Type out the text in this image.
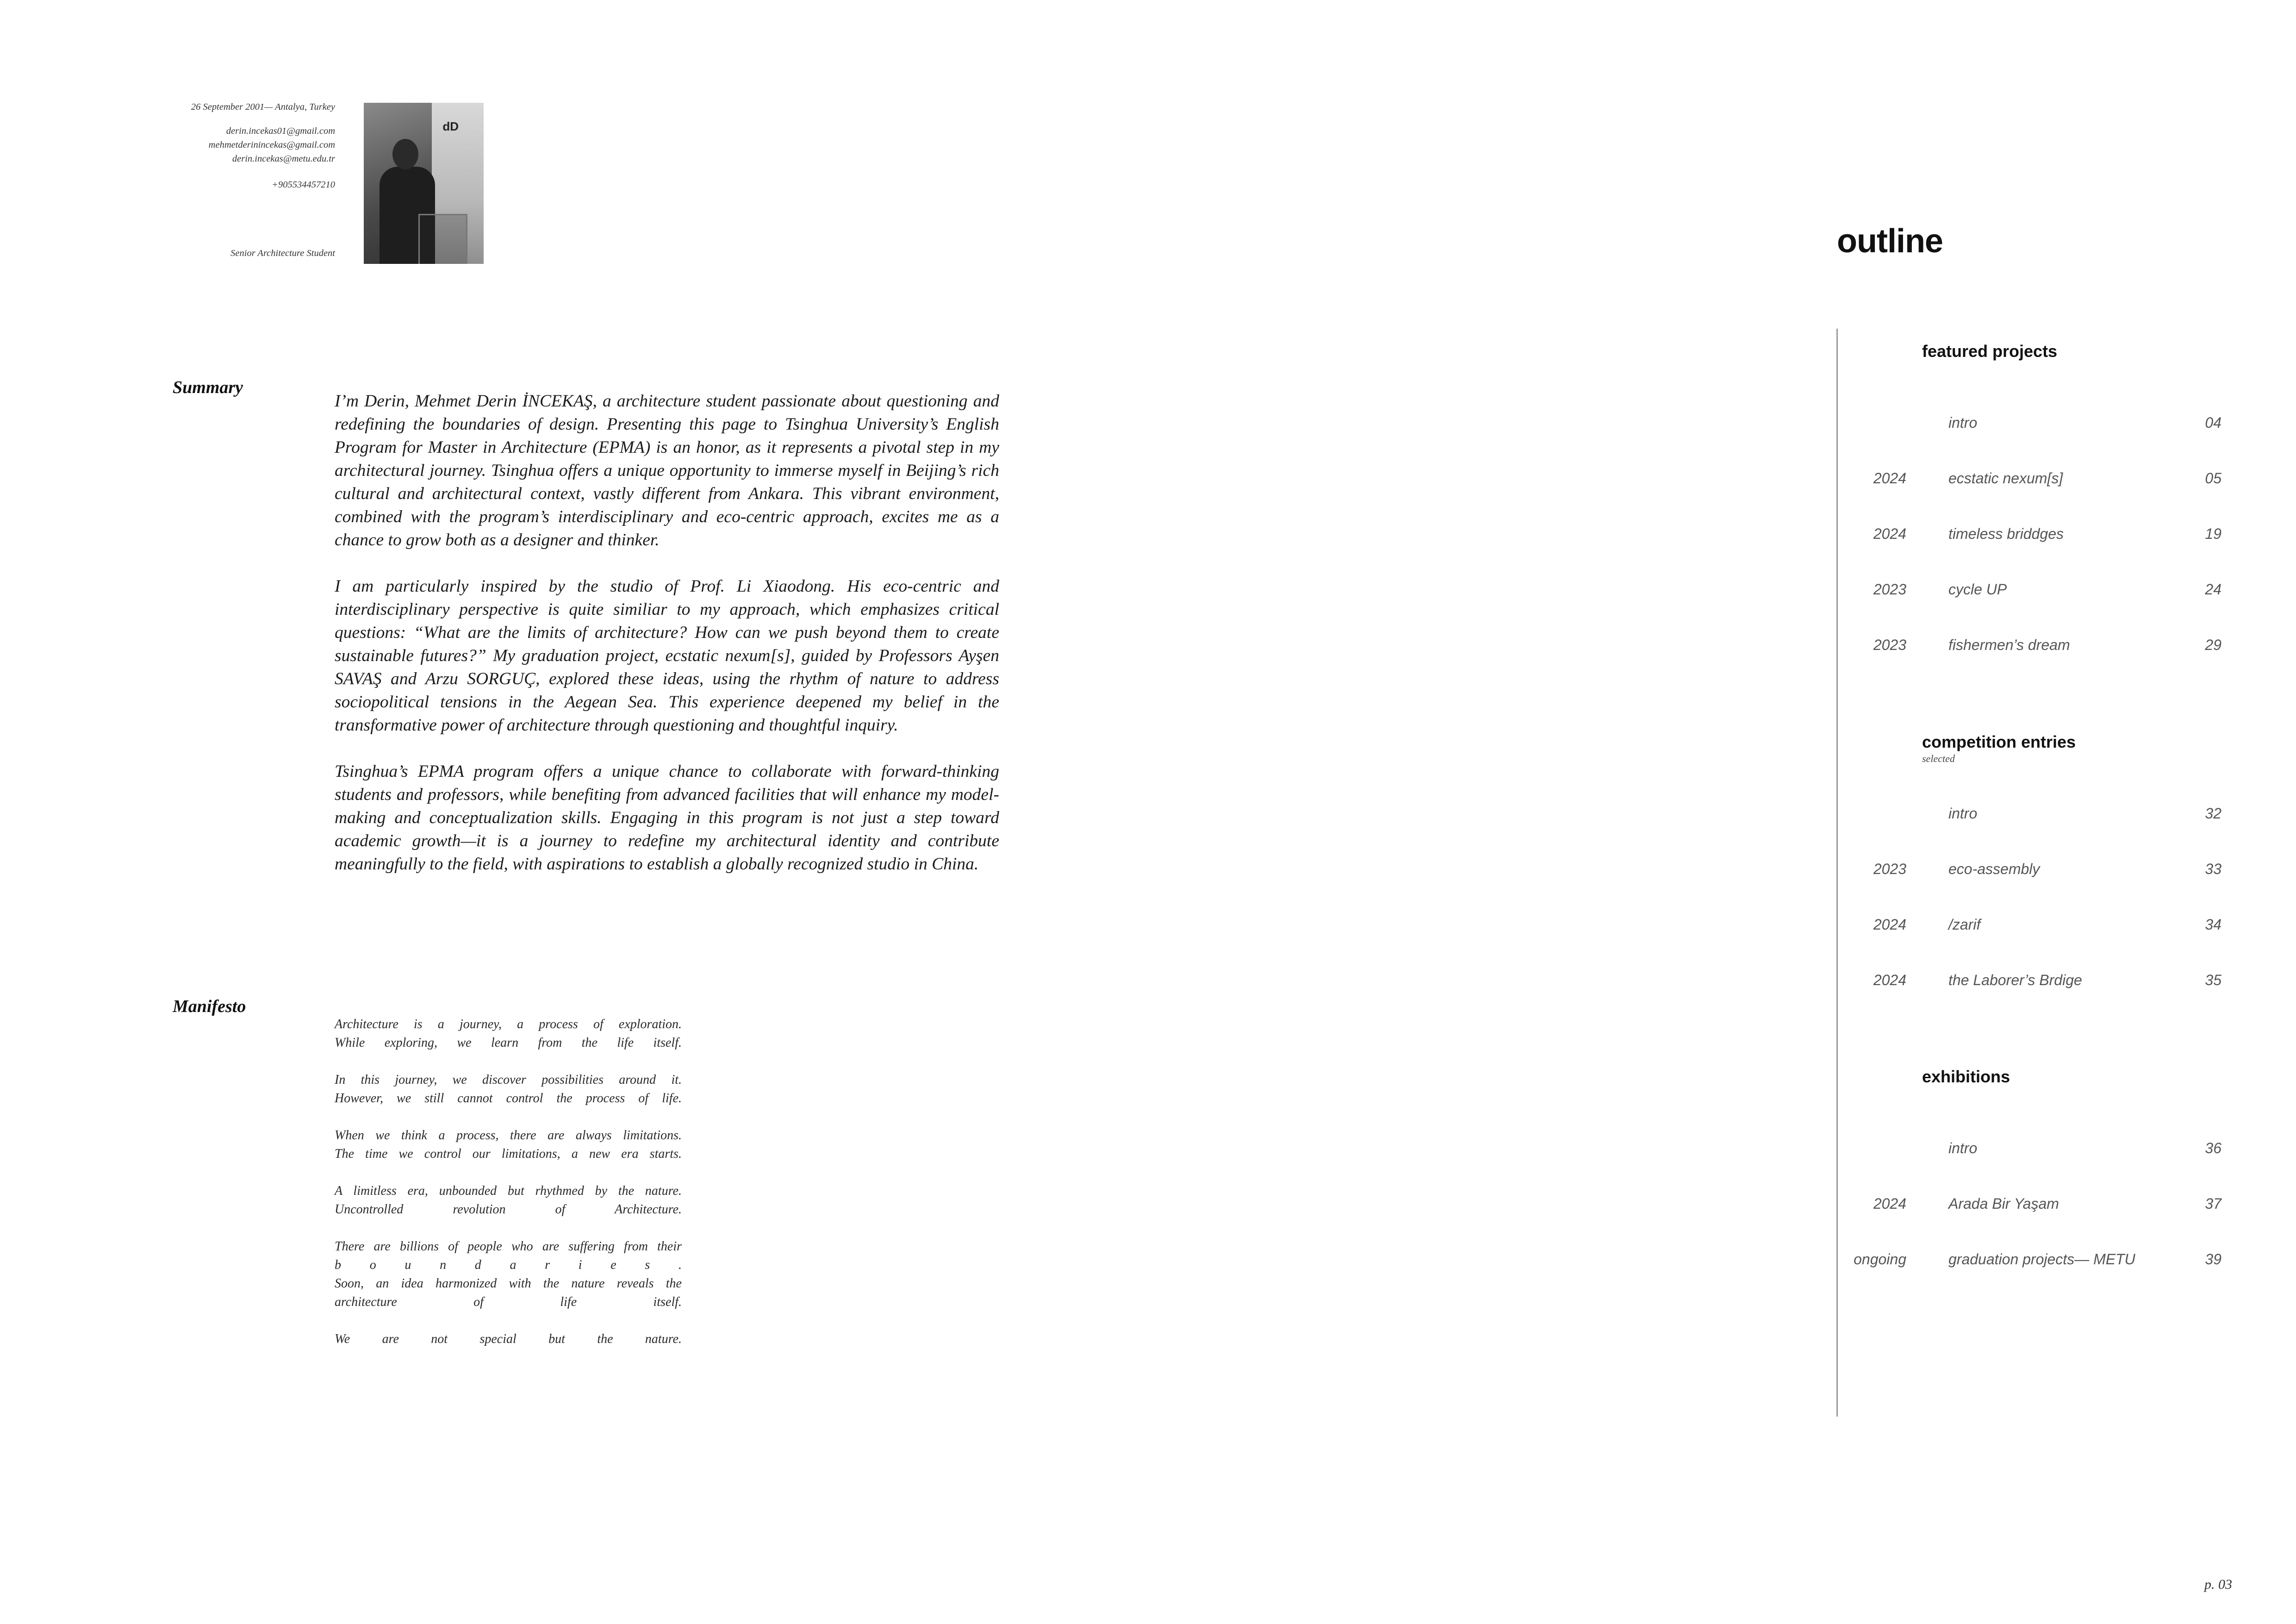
26 September 2001— Antalya, Turkey
derin.incekas01@gmail.com
mehmetderinincekas@gmail.com
derin.incekas@metu.edu.tr
+905534457210
Senior Architecture Student
dD
Summary

I’m Derin, Mehmet Derin İNCEKAŞ, a architecture student passionate about questioning and redefining the boundaries of design. Presenting this page to Tsinghua University’s English Program for Master in Architecture (EPMA) is an honor, as it represents a pivotal step in my architectural journey. Tsinghua offers a unique opportunity to immerse myself in Beijing’s rich cultural and architectural context, vastly different from Ankara. This vibrant environment, combined with the program’s interdisciplinary and eco-centric approach, excites me as a chance to grow both as a designer and thinker.

I am particularly inspired by the studio of Prof. Li Xiaodong. His eco-centric and interdisciplinary perspective is quite similiar to my approach, which emphasizes critical questions: “What are the limits of architecture? How can we push beyond them to create sustainable futures?” My graduation project, ecstatic nexum[s], guided by Professors Ayşen SAVAŞ and Arzu SORGUÇ, explored these ideas, using the rhythm of nature to address sociopolitical tensions in the Aegean Sea. This experience deepened my belief in the transformative power of architecture through questioning and thoughtful inquiry.

Tsinghua’s EPMA program offers a unique chance to collaborate with forward-thinking students and professors, while benefiting from advanced facilities that will enhance my model-making and conceptualization skills. Engaging in this program is not just a step toward academic growth—it is a journey to redefine my architectural identity and contribute meaningfully to the field, with aspirations to establish a globally recognized studio in China.

Manifesto
Architecture is a journey, a process of exploration.
While exploring, we learn from the life itself.
In this journey, we discover possibilities around it.
However, we still cannot control the process of life.
When we think a process, there are always limitations.
The time we control our limitations, a new era starts.
A limitless era, unbounded but rhythmed by the nature.
Uncontrolled revolution of Architecture.
There are billions of people who are suffering from their
b o u n d a r i e s .
Soon, an idea harmonized with the nature reveals the
architecture of life itself.
We are not special but the nature.
outline
featured projects
intro	04
2024	ecstatic nexum[s]	05
2024	timeless briddges	19
2023	cycle UP	24
2023	fishermen’s dream	29
competition entries
selected
intro	32
2023	eco-assembly	33
2024	/zarif	34
2024	the Laborer’s Brdige	35
exhibitions
intro	36
2024	Arada Bir Yaşam	37
ongoing	graduation projects— METU	39
p. 03
